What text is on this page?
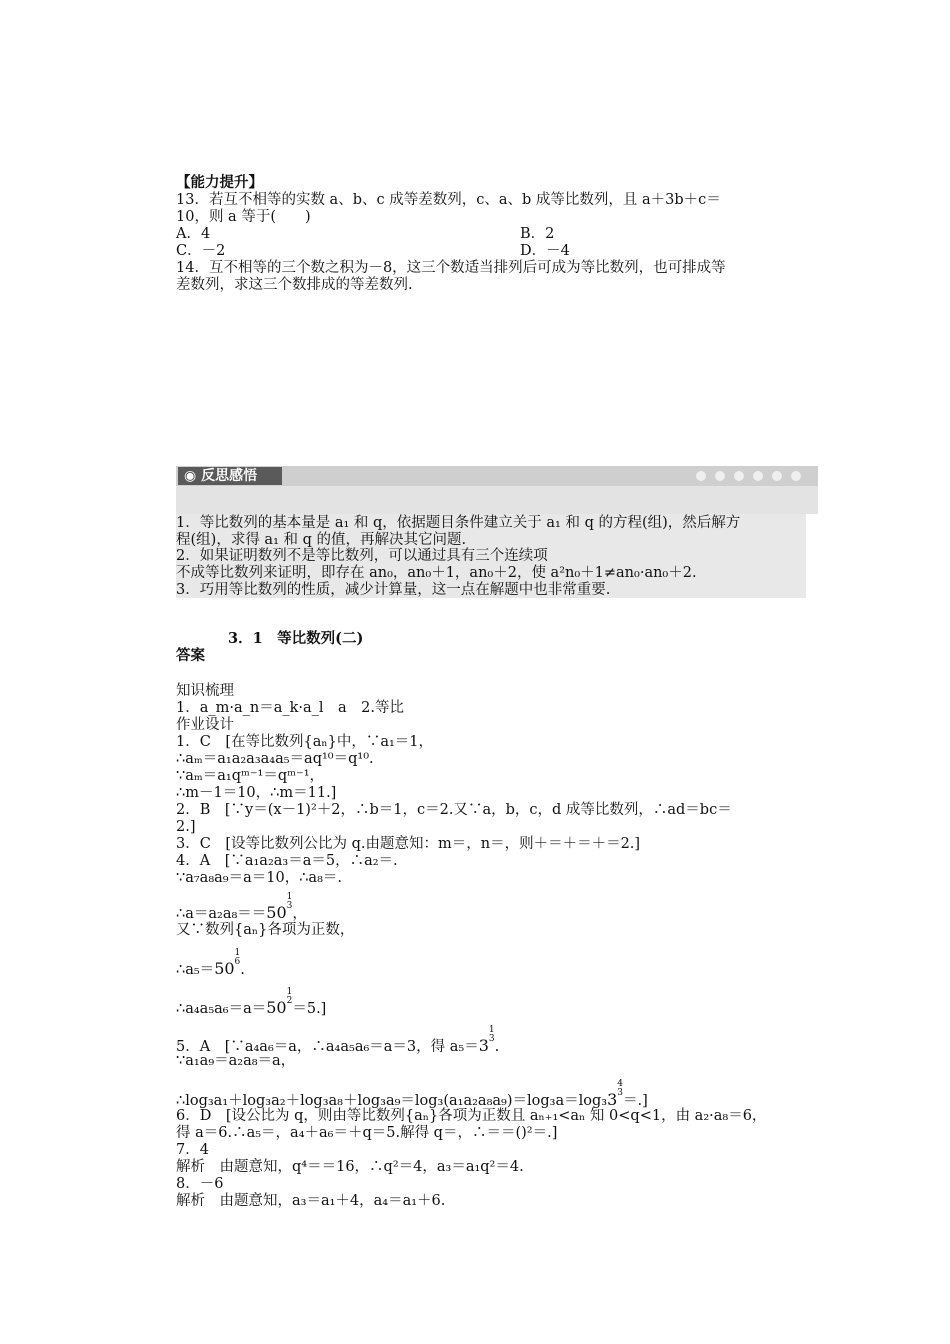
【能力提升】
13．若互不相等的实数 a、b、c 成等差数列，c、a、b 成等比数列，且 a＋3b＋c＝
10，则 a 等于(　　)
A．4	B．2
C．－2	D．－4
14．互不相等的三个数之积为－8，这三个数适当排列后可成为等比数列，也可排成等
差数列，求这三个数排成的等差数列.
◉ 反思感悟
1．等比数列的基本量是 a₁ 和 q，依据题目条件建立关于 a₁ 和 q 的方程(组)，然后解方
程(组)，求得 a₁ 和 q 的值，再解决其它问题.
2．如果证明数列不是等比数列，可以通过具有三个连续项
不成等比数列来证明，即存在 an₀，an₀＋1，an₀＋2，使 a²n₀＋1≠an₀·an₀＋2.
3．巧用等比数列的性质，减少计算量，这一点在解题中也非常重要.
3．1　等比数列(二)
答案
知识梳理
1．a_m·a_n＝a_k·a_l　a　2.等比
作业设计
1．C　[在等比数列{aₙ}中，∵a₁＝1，
∴aₘ＝a₁a₂a₃a₄a₅＝aq¹⁰＝q¹⁰.
∵aₘ＝a₁qᵐ⁻¹＝qᵐ⁻¹，
∴m－1＝10，∴m＝11.]
2．B　[∵y＝(x－1)²＋2，∴b＝1，c＝2.又∵a，b，c，d 成等比数列，∴ad＝bc＝
2.]
3．C　[设等比数列公比为 q.由题意知：m＝，n＝，则＋＝＋＝＋＝2.]
4．A　[∵a₁a₂a₃＝a＝5，∴a₂＝.
∵a₇a₈a₉＝a＝10，∴a₈＝.
∴a＝a₂a₈＝＝50
1
3 ，
又∵数列{aₙ}各项为正数，
∴a₅＝50
1
6 .
∴a₄a₅a₆＝a＝50
1
2 ＝5.]
5．A　[∵a₄a₆＝a，∴a₄a₅a₆＝a＝3，得 a₅＝3
1
3 .
∵a₁a₉＝a₂a₈＝a，
∴log₃a₁＋log₃a₂＋log₃a₈＋log₃a₉＝log₃(a₁a₂a₈a₉)＝log₃a＝log₃3
4
3 ＝.]
6．D　[设公比为 q，则由等比数列{aₙ}各项为正数且 aₙ₊₁<aₙ 知 0<q<1，由 a₂·a₈＝6，
得 a＝6.∴a₅＝，a₄＋a₆＝＋q＝5.解得 q＝，∴＝＝()²＝.]
7．4
解析　由题意知，q⁴＝＝16，∴q²＝4，a₃＝a₁q²＝4.
8．－6
解析　由题意知，a₃＝a₁＋4，a₄＝a₁＋6.
